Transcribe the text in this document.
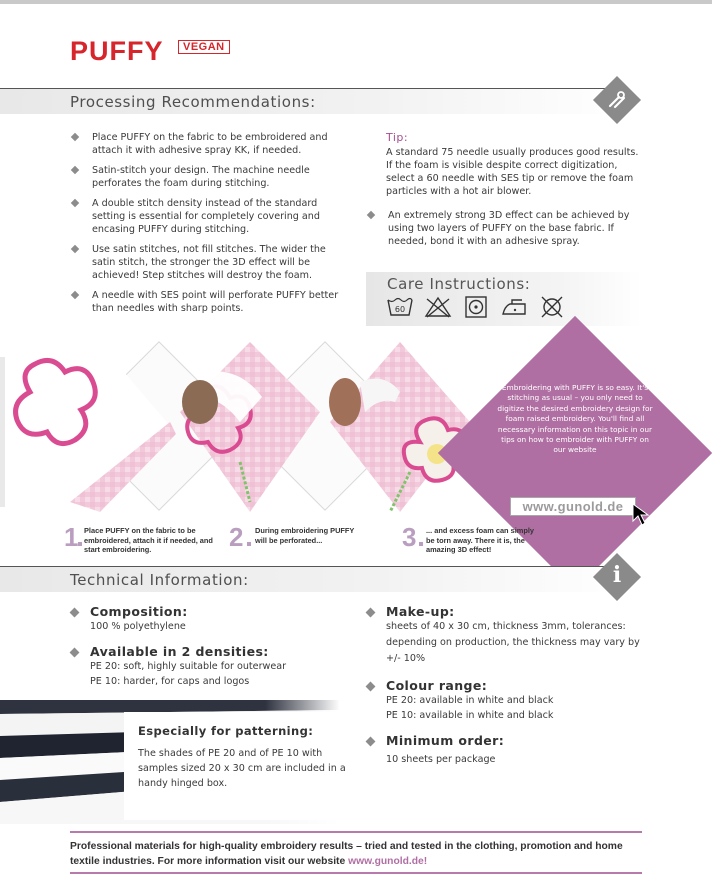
PUFFY	VEGAN
Processing Recommendations:
Place PUFFY on the fabric to be embroidered and attach it with adhesive spray KK, if needed.
Satin-stitch your design. The machine needle perforates the foam during stitching.
A double stitch density instead of the standard setting is essential for completely covering and encasing PUFFY during stitching.
Use satin stitches, not fill stitches. The wider the satin stitch, the stronger the 3D effect will be achieved! Step stitches will destroy the foam.
A needle with SES point will perforate PUFFY better than needles with sharp points.
Tip:
A standard 75 needle usually produces good results. If the foam is visible despite correct digitization, select a 60 needle with SES tip or remove the foam particles with a hot air blower.
An extremely strong 3D effect can be achieved by using two layers of PUFFY on the base fabric. If needed, bond it with an adhesive spray.
Care Instructions:
60
Embroidering with PUFFY is so easy. It's stitching as usual – you only need to digitize the desired embroidery design for foam raised embroidery. You'll find all necessary information on this topic in our tips on how to embroider with PUFFY on our website
www.gunold.de
1 Place PUFFY on the fabric to be embroidered, attach it if needed, and start embroidering.	2 During embroidering PUFFY will be perforated...	3 ... and excess foam can simply be torn away. There it is, the amazing 3D effect!
Technical Information:	i
Composition:
100 % polyethylene
Available in 2 densities:
PE 20: soft, highly suitable for outerwear
PE 10: harder, for caps and logos
Make-up:
sheets of 40 x 30 cm, thickness 3mm, tolerances: depending on production, the thickness may vary by +/- 10%
Colour range:
PE 20: available in white and black
PE 10: available in white and black
Minimum order:
10 sheets per package
Especially for patterning:
The shades of PE 20 and of PE 10 with samples sized 20 x 30 cm are included in a handy hinged box.
Professional materials for high-quality embroidery results – tried and tested in the clothing, promotion and home textile industries. For more information visit our website www.gunold.de!
